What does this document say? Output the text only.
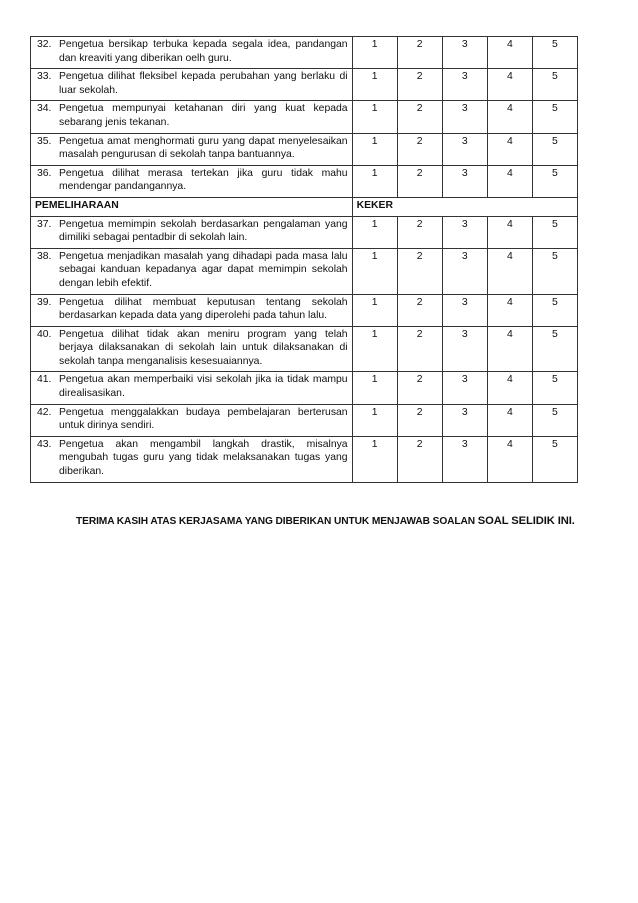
32. Pengetua bersikap terbuka kepada segala idea, pandangan dan kreaviti yang diberikan oelh guru.	1	2	3	4	5

33. Pengetua dilihat fleksibel kepada perubahan yang berlaku di luar sekolah.	1	2	3	4	5

34. Pengetua mempunyai ketahanan diri yang kuat kepada sebarang jenis tekanan.	1	2	3	4	5

35. Pengetua amat menghormati guru yang dapat menyelesaikan masalah pengurusan di sekolah tanpa bantuannya.	1	2	3	4	5

36. Pengetua dilihat merasa tertekan jika guru tidak mahu mendengar pandangannya.	1	2	3	4	5
PEMELIHARAAN	KEKER				

37. Pengetua memimpin sekolah berdasarkan pengalaman yang dimiliki sebagai pentadbir di sekolah lain.	1	2	3	4	5

38. Pengetua menjadikan masalah yang dihadapi pada masa lalu sebagai kanduan kepadanya agar dapat memimpin sekolah dengan lebih efektif.	1	2	3	4	5

39. Pengetua dilihat membuat keputusan tentang sekolah berdasarkan kepada data yang diperolehi pada tahun lalu.	1	2	3	4	5

40. Pengetua dilihat tidak akan meniru program yang telah berjaya dilaksanakan di sekolah lain untuk dilaksanakan di sekolah tanpa menganalisis kesesuaiannya.	1	2	3	4	5

41. Pengetua akan memperbaiki visi sekolah jika ia tidak mampu direalisasikan.	1	2	3	4	5

42. Pengetua menggalakkan budaya pembelajaran berterusan untuk dirinya sendiri.	1	2	3	4	5

43. Pengetua akan mengambil langkah drastik, misalnya mengubah tugas guru yang tidak melaksanakan tugas yang diberikan.	1	2	3	4	5
TERIMA KASIH ATAS KERJASAMA YANG DIBERIKAN UNTUK MENJAWAB SOALAN SOAL SELIDIK INI.
